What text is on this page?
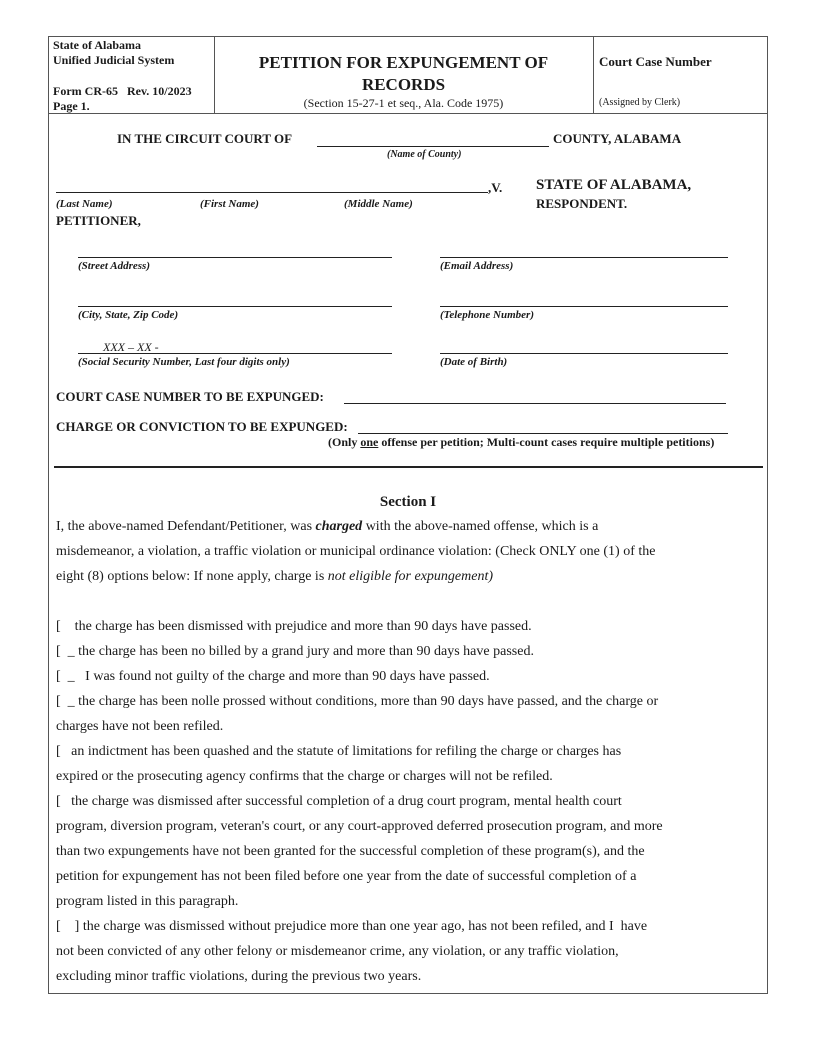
State of Alabama
Unified Judicial System
Form CR-65   Rev. 10/2023
Page 1.
PETITION FOR EXPUNGEMENT OF
RECORDS
(Section 15-27-1 et seq., Ala. Code 1975)
Court Case Number
(Assigned by Clerk)
IN THE CIRCUIT COURT OF	COUNTY, ALABAMA
(Name of County)
,V. STATE OF ALABAMA,
RESPONDENT.
(Last Name)	(First Name)	(Middle Name)
PETITIONER,
(Street Address)	(Email Address)
(City, State, Zip Code)	(Telephone Number)
XXX – XX -
(Social Security Number, Last four digits only)	(Date of Birth)
COURT CASE NUMBER TO BE EXPUNGED:
CHARGE OR CONVICTION TO BE EXPUNGED:
(Only one offense per petition; Multi-count cases require multiple petitions)
Section I
I, the above-named Defendant/Petitioner, was charged with the above-named offense, which is a
misdemeanor, a violation, a traffic violation or municipal ordinance violation: (Check ONLY one (1) of the
eight (8) options below: If none apply, charge is not eligible for expungement)
[    the charge has been dismissed with prejudice and more than 90 days have passed.
[  _ the charge has been no billed by a grand jury and more than 90 days have passed.
[  _   I was found not guilty of the charge and more than 90 days have passed.
[  _ the charge has been nolle prossed without conditions, more than 90 days have passed, and the charge or
charges have not been refiled.
[   an indictment has been quashed and the statute of limitations for refiling the charge or charges has
expired or the prosecuting agency confirms that the charge or charges will not be refiled.
[   the charge was dismissed after successful completion of a drug court program, mental health court
program, diversion program, veteran's court, or any court-approved deferred prosecution program, and more
than two expungements have not been granted for the successful completion of these program(s), and the
petition for expungement has not been filed before one year from the date of successful completion of a
program listed in this paragraph.
[    ] the charge was dismissed without prejudice more than one year ago, has not been refiled, and I  have
not been convicted of any other felony or misdemeanor crime, any violation, or any traffic violation,
excluding minor traffic violations, during the previous two years.
